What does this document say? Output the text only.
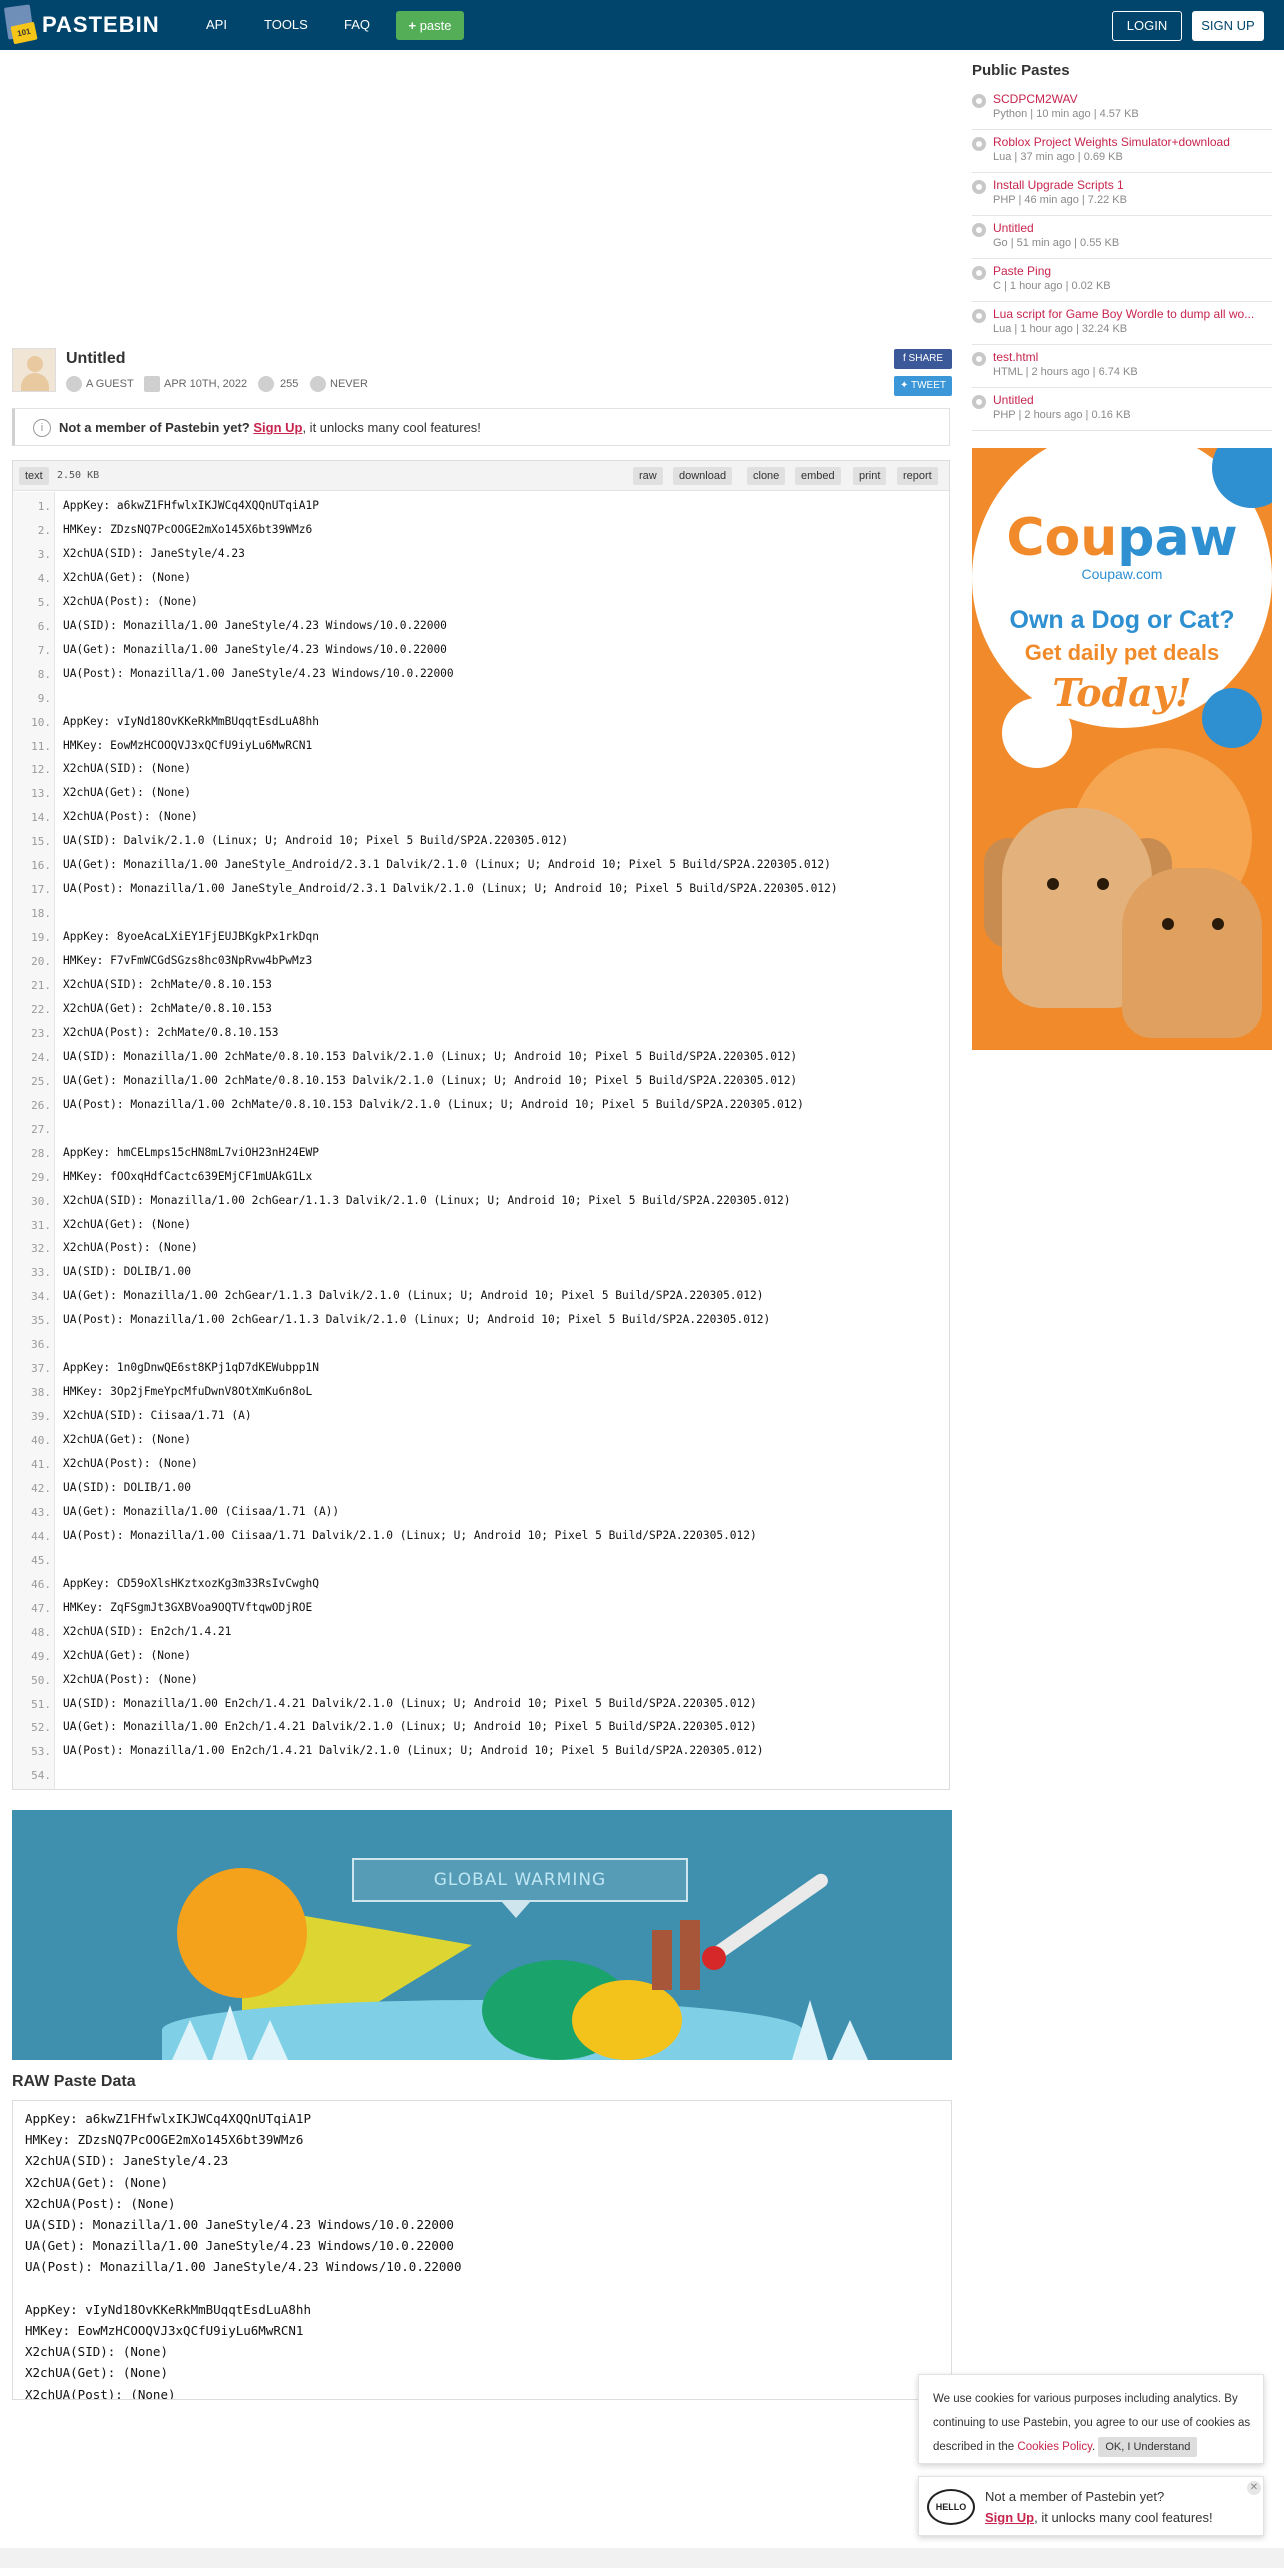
101 PASTEBIN	API	TOOLS	FAQ	+ paste	LOGIN	SIGN UP
Public Pastes
SCDPCM2WAV
Python | 10 min ago | 4.57 KB
Roblox Project Weights Simulator+download
Lua | 37 min ago | 0.69 KB
Install Upgrade Scripts 1
PHP | 46 min ago | 7.22 KB
Untitled
Go | 51 min ago | 0.55 KB
Paste Ping
C | 1 hour ago | 0.02 KB
Lua script for Game Boy Wordle to dump all wo...
Lua | 1 hour ago | 32.24 KB
test.html
HTML | 2 hours ago | 6.74 KB
Untitled
PHP | 2 hours ago | 0.16 KB
Coupaw
Coupaw.com
Own a Dog or Cat?
Get daily pet deals
Today!
Untitled
A GUEST	APR 10TH, 2022	255	NEVER
f SHARE
✦ TWEET
i	Not a member of Pastebin yet? Sign Up, it unlocks many cool features!
text	2.50 KB	raw	download	clone	embed	print	report
1. AppKey: a6kwZ1FHfwlxIKJWCq4XQQnUTqiA1P
2. HMKey: ZDzsNQ7PcOOGE2mXo145X6bt39WMz6
3. X2chUA(SID): JaneStyle/4.23
4. X2chUA(Get): (None)
5. X2chUA(Post): (None)
6. UA(SID): Monazilla/1.00 JaneStyle/4.23 Windows/10.0.22000
7. UA(Get): Monazilla/1.00 JaneStyle/4.23 Windows/10.0.22000
8. UA(Post): Monazilla/1.00 JaneStyle/4.23 Windows/10.0.22000
9.
10. AppKey: vIyNd18OvKKeRkMmBUqqtEsdLuA8hh
11. HMKey: EowMzHCOOQVJ3xQCfU9iyLu6MwRCN1
12. X2chUA(SID): (None)
13. X2chUA(Get): (None)
14. X2chUA(Post): (None)
15. UA(SID): Dalvik/2.1.0 (Linux; U; Android 10; Pixel 5 Build/SP2A.220305.012)
16. UA(Get): Monazilla/1.00 JaneStyle_Android/2.3.1 Dalvik/2.1.0 (Linux; U; Android 10; Pixel 5 Build/SP2A.220305.012)
17. UA(Post): Monazilla/1.00 JaneStyle_Android/2.3.1 Dalvik/2.1.0 (Linux; U; Android 10; Pixel 5 Build/SP2A.220305.012)
18.
19. AppKey: 8yoeAcaLXiEY1FjEUJBKgkPx1rkDqn
20. HMKey: F7vFmWCGdSGzs8hc03NpRvw4bPwMz3
21. X2chUA(SID): 2chMate/0.8.10.153
22. X2chUA(Get): 2chMate/0.8.10.153
23. X2chUA(Post): 2chMate/0.8.10.153
24. UA(SID): Monazilla/1.00 2chMate/0.8.10.153 Dalvik/2.1.0 (Linux; U; Android 10; Pixel 5 Build/SP2A.220305.012)
25. UA(Get): Monazilla/1.00 2chMate/0.8.10.153 Dalvik/2.1.0 (Linux; U; Android 10; Pixel 5 Build/SP2A.220305.012)
26. UA(Post): Monazilla/1.00 2chMate/0.8.10.153 Dalvik/2.1.0 (Linux; U; Android 10; Pixel 5 Build/SP2A.220305.012)
27.
28. AppKey: hmCELmps15cHN8mL7viOH23nH24EWP
29. HMKey: fOOxqHdfCactc639EMjCF1mUAkG1Lx
30. X2chUA(SID): Monazilla/1.00 2chGear/1.1.3 Dalvik/2.1.0 (Linux; U; Android 10; Pixel 5 Build/SP2A.220305.012)
31. X2chUA(Get): (None)
32. X2chUA(Post): (None)
33. UA(SID): DOLIB/1.00
34. UA(Get): Monazilla/1.00 2chGear/1.1.3 Dalvik/2.1.0 (Linux; U; Android 10; Pixel 5 Build/SP2A.220305.012)
35. UA(Post): Monazilla/1.00 2chGear/1.1.3 Dalvik/2.1.0 (Linux; U; Android 10; Pixel 5 Build/SP2A.220305.012)
36.
37. AppKey: 1n0gDnwQE6st8KPj1qD7dKEWubpp1N
38. HMKey: 3Op2jFmeYpcMfuDwnV8OtXmKu6n8oL
39. X2chUA(SID): Ciisaa/1.71 (A)
40. X2chUA(Get): (None)
41. X2chUA(Post): (None)
42. UA(SID): DOLIB/1.00
43. UA(Get): Monazilla/1.00 (Ciisaa/1.71 (A))
44. UA(Post): Monazilla/1.00 Ciisaa/1.71 Dalvik/2.1.0 (Linux; U; Android 10; Pixel 5 Build/SP2A.220305.012)
45.
46. AppKey: CD59oXlsHKztxozKg3m33RsIvCwghQ
47. HMKey: ZqFSgmJt3GXBVoa9OQTVftqwODjROE
48. X2chUA(SID): En2ch/1.4.21
49. X2chUA(Get): (None)
50. X2chUA(Post): (None)
51. UA(SID): Monazilla/1.00 En2ch/1.4.21 Dalvik/2.1.0 (Linux; U; Android 10; Pixel 5 Build/SP2A.220305.012)
52. UA(Get): Monazilla/1.00 En2ch/1.4.21 Dalvik/2.1.0 (Linux; U; Android 10; Pixel 5 Build/SP2A.220305.012)
53. UA(Post): Monazilla/1.00 En2ch/1.4.21 Dalvik/2.1.0 (Linux; U; Android 10; Pixel 5 Build/SP2A.220305.012)
54.
GLOBAL WARMING
RAW Paste Data
AppKey: a6kwZ1FHfwlxIKJWCq4XQQnUTqiA1P
HMKey: ZDzsNQ7PcOOGE2mXo145X6bt39WMz6
X2chUA(SID): JaneStyle/4.23
X2chUA(Get): (None)
X2chUA(Post): (None)
UA(SID): Monazilla/1.00 JaneStyle/4.23 Windows/10.0.22000
UA(Get): Monazilla/1.00 JaneStyle/4.23 Windows/10.0.22000
UA(Post): Monazilla/1.00 JaneStyle/4.23 Windows/10.0.22000
AppKey: vIyNd18OvKKeRkMmBUqqtEsdLuA8hh
HMKey: EowMzHCOOQVJ3xQCfU9iyLu6MwRCN1
X2chUA(SID): (None)
X2chUA(Get): (None)
X2chUA(Post): (None)	We use cookies for various purposes including analytics. By continuing to use Pastebin, you agree to our use of cookies as described in the Cookies Policy. OK, I Understand
HELLO
Not a member of Pastebin yet?
Sign Up, it unlocks many cool features!
✕
